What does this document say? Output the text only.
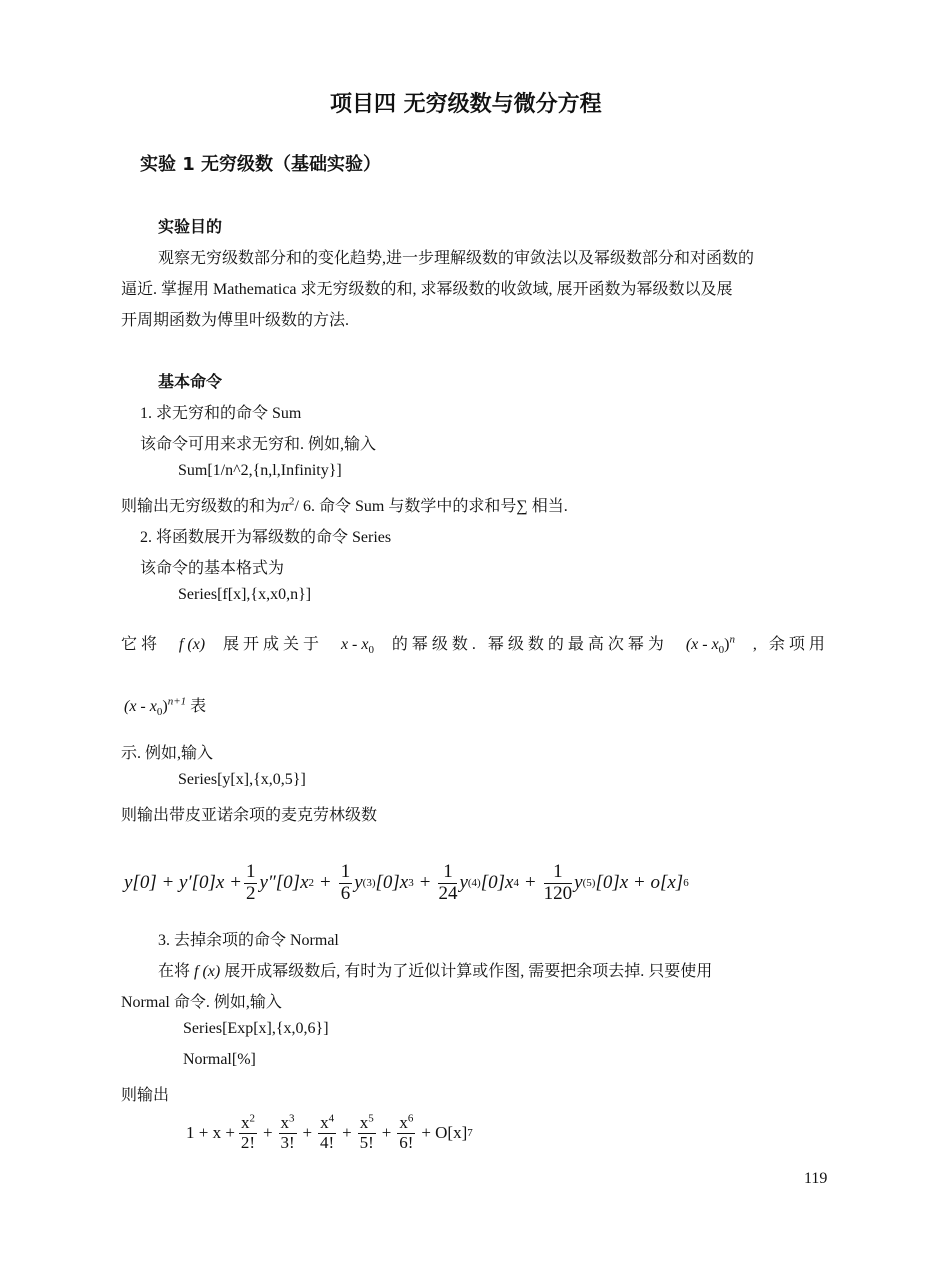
项目四 无穷级数与微分方程
实验 1 无穷级数（基础实验）
实验目的
观察无穷级数部分和的变化趋势,进一步理解级数的审敛法以及幂级数部分和对函数的
逼近. 掌握用 Mathematica 求无穷级数的和, 求幂级数的收敛域, 展开函数为幂级数以及展
开周期函数为傅里叶级数的方法.
基本命令
1. 求无穷和的命令 Sum
该命令可用来求无穷和. 例如,输入
Sum[1/n^2,{n,l,Infinity}]
则输出无穷级数的和为$\pi^2/$ 6. 命令 Sum 与数学中的求和号∑ 相当.
2. 将函数展开为幂级数的命令 Series
该命令的基本格式为
Series[f[x],{x,x0,n}]
它将 f (x) 展开成关于 x - $x_0$ 的幂级数. 幂级数的最高次幂为 $(x - x_0)^n$ , 余项用
$(x - x_0)^{n+1}$ 表
示. 例如,输入
Series[y[x],{x,0,5}]
则输出带皮亚诺余项的麦克劳林级数
$y[0] + y'[0]x + \frac{1}{2} y''[0]x$ $2 + \frac{1}{6}$ y (3) [0]x $3 + \frac{1}{24}$ y (4) [0]x $4 + \frac{1}{120}$ y (5) [0]x + o[x] 6
3. 去掉余项的命令 Normal
在将 f (x) 展开成幂级数后, 有时为了近似计算或作图, 需要把余项去掉. 只要使用
Normal 命令. 例如,输入
Series[Exp[x],{x,0,6}]
Normal[%]
则输出
$1 + x + \frac{x^2}{2!} + \frac{x^3}{3!} + \frac{x^4}{4!} + \frac{x^5}{5!} + \frac{x^6}{6!} + O[x]$ 7
119
